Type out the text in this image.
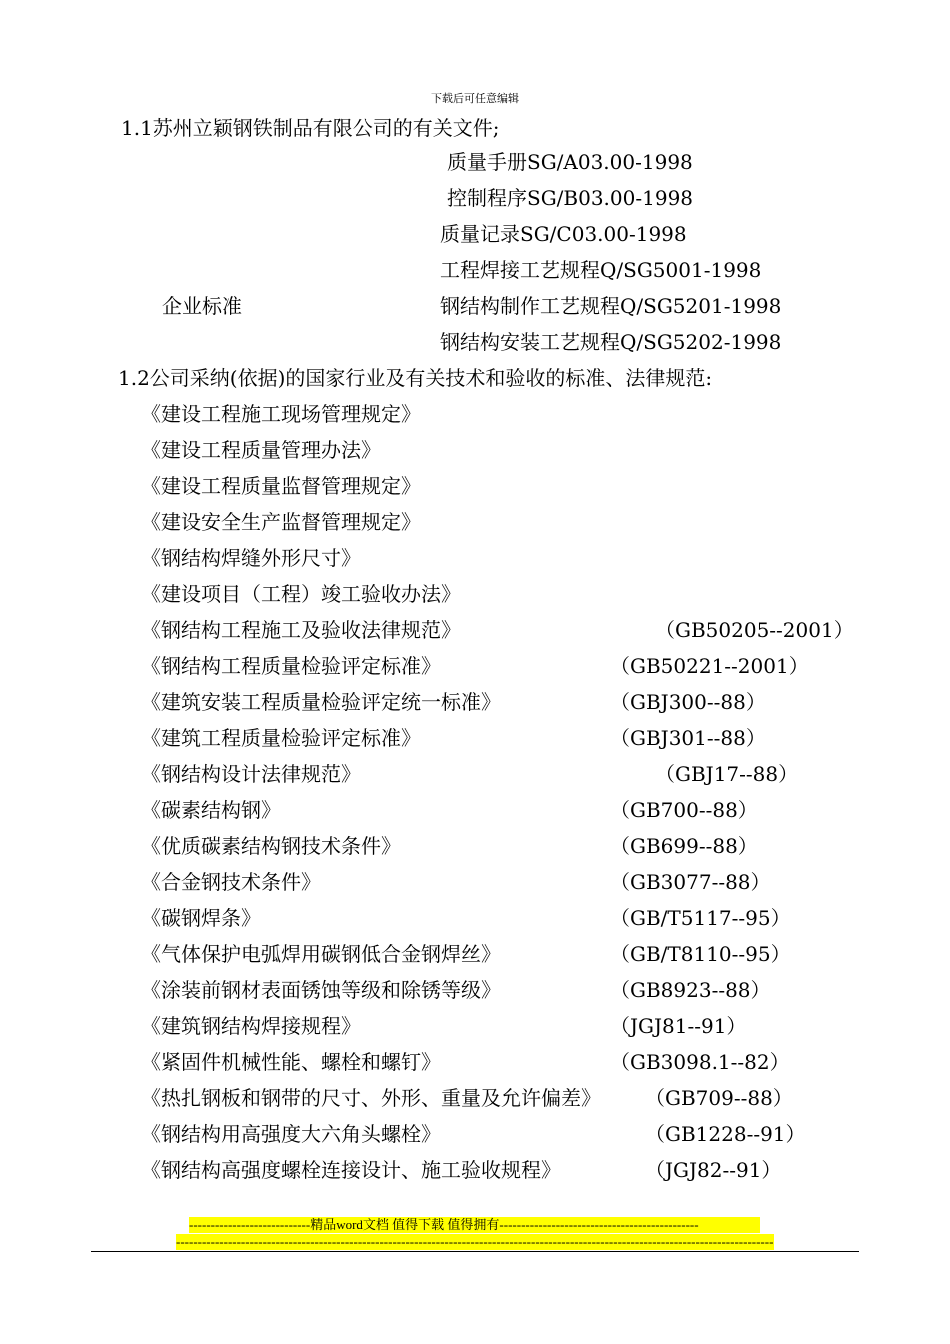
下载后可任意编辑
1.1苏州立颖钢铁制品有限公司的有关文件;
质量手册SG/A03.00-1998
控制程序SG/B03.00-1998
质量记录SG/C03.00-1998
工程焊接工艺规程Q/SG5001-1998
企业标准	钢结构制作工艺规程Q/SG5201-1998
钢结构安装工艺规程Q/SG5202-1998
1.2公司采纳(依据)的国家行业及有关技术和验收的标准、法律规范:
《建设工程施工现场管理规定》
《建设工程质量管理办法》
《建设工程质量监督管理规定》
《建设安全生产监督管理规定》
《钢结构焊缝外形尺寸》
《建设项目（工程）竣工验收办法》
《钢结构工程施工及验收法律规范》	（GB50205--2001）
《钢结构工程质量检验评定标准》	（GB50221--2001）
《建筑安装工程质量检验评定统一标准》	（GBJ300--88）
《建筑工程质量检验评定标准》	（GBJ301--88）
《钢结构设计法律规范》	（GBJ17--88）
《碳素结构钢》	（GB700--88）
《优质碳素结构钢技术条件》	（GB699--88）
《合金钢技术条件》	（GB3077--88）
《碳钢焊条》	（GB/T5117--95）
《气体保护电弧焊用碳钢低合金钢焊丝》	（GB/T8110--95）
《涂装前钢材表面锈蚀等级和除锈等级》	（GB8923--88）
《建筑钢结构焊接规程》	（JGJ81--91）
《紧固件机械性能、螺栓和螺钉》	（GB3098.1--82）
《热扎钢板和钢带的尺寸、外形、重量及允许偏差》 （GB709--88）
《钢结构用高强度大六角头螺栓》	（GB1228--91）
《钢结构高强度螺栓连接设计、施工验收规程》	（JGJ82--91）
----------------------------精品word文档 值得下载 值得拥有----------------------------------------------
------------------------------------------------------------------------------------------------------------------------------------------
